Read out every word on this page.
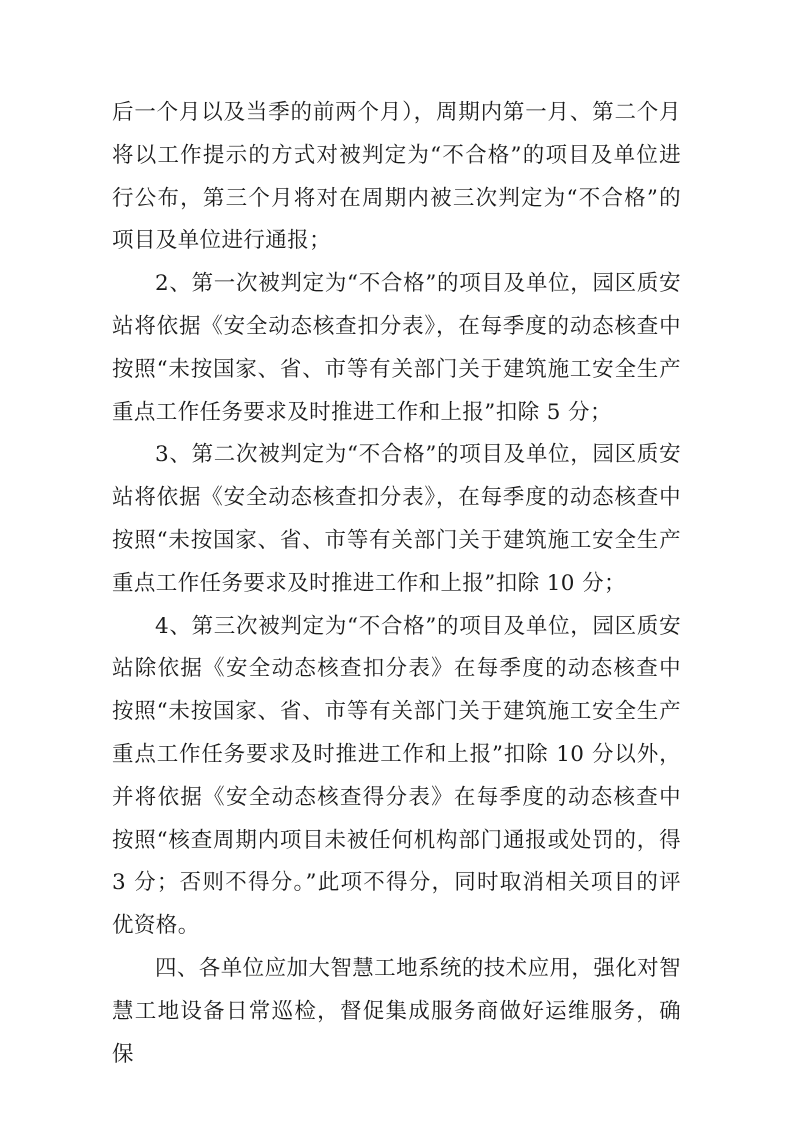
后一个月以及当季的前两个月），周期内第一月、第二个月将以工作提示的方式对被判定为“不合格”的项目及单位进行公布，第三个月将对在周期内被三次判定为“不合格”的项目及单位进行通报；

2、第一次被判定为“不合格”的项目及单位，园区质安站将依据《安全动态核查扣分表》，在每季度的动态核查中按照“未按国家、省、市等有关部门关于建筑施工安全生产重点工作任务要求及时推进工作和上报”扣除 5 分；

3、第二次被判定为“不合格”的项目及单位，园区质安站将依据《安全动态核查扣分表》，在每季度的动态核查中按照“未按国家、省、市等有关部门关于建筑施工安全生产重点工作任务要求及时推进工作和上报”扣除 10 分；

4、第三次被判定为“不合格”的项目及单位，园区质安站除依据《安全动态核查扣分表》在每季度的动态核查中按照“未按国家、省、市等有关部门关于建筑施工安全生产重点工作任务要求及时推进工作和上报”扣除 10 分以外，并将依据《安全动态核查得分表》在每季度的动态核查中按照“核查周期内项目未被任何机构部门通报或处罚的，得 3 分；否则不得分。”此项不得分，同时取消相关项目的评优资格。

四、各单位应加大智慧工地系统的技术应用，强化对智慧工地设备日常巡检，督促集成服务商做好运维服务，确保
